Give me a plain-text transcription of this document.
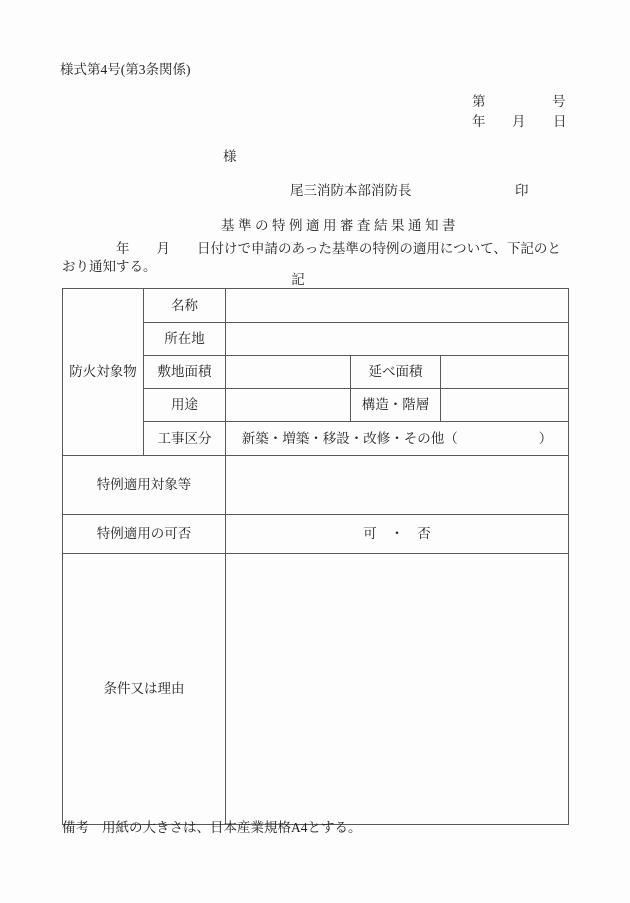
様式第4号(第3条関係)
第	号
年 月 日
様
尾三消防本部消防長	印
基準の特例適用審査結果通知書
　　　　年　　月　　日付けで申請のあった基準の特例の適用について、下記のと
おり通知する。
記
防火対象物	名称			
	所在地			
	敷地面積		延べ面積	
	用途		構造・階層	
	工事区分	新築・増築・移設・改修・その他（　　　　　　）		
特例適用対象等				
特例適用の可否		可　・　否		
条件又は理由				
備考 用紙の大きさは、日本産業規格A4とする。
